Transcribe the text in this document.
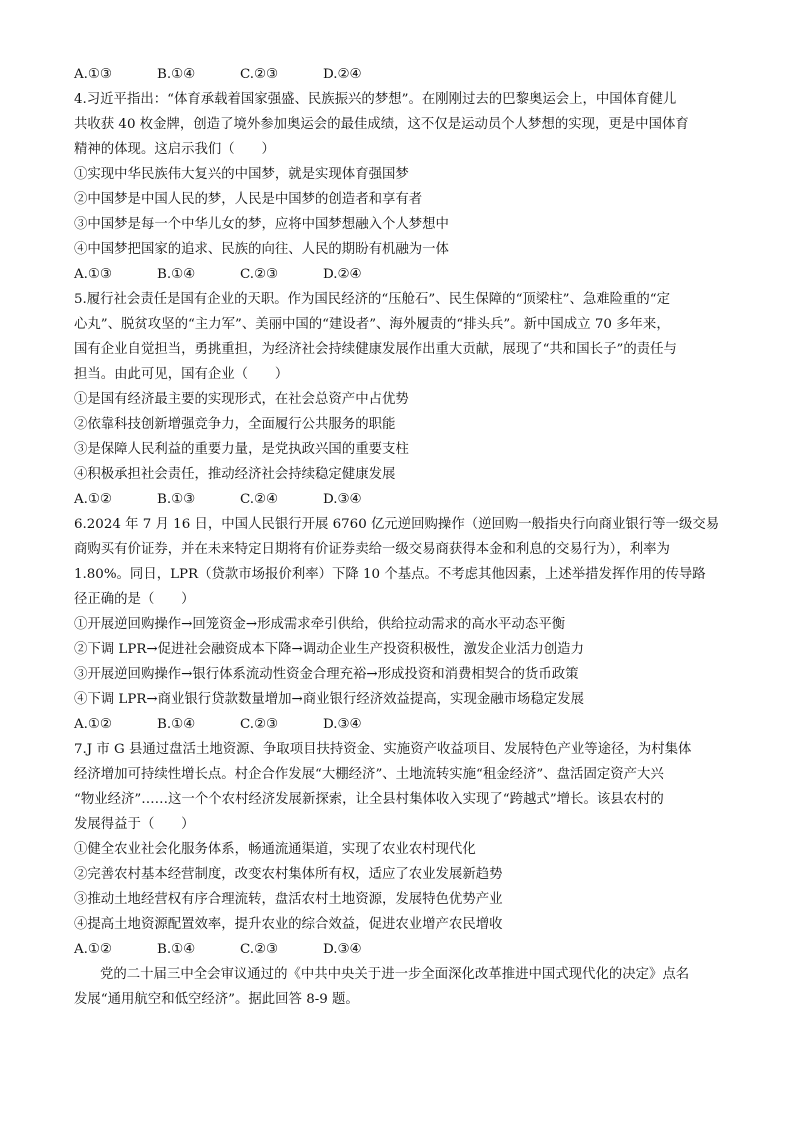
A.①③	B.①④	C.②③	D.②④
4.习近平指出：“体育承载着国家强盛、民族振兴的梦想”。在刚刚过去的巴黎奥运会上，中国体育健儿
共收获 40 枚金牌，创造了境外参加奥运会的最佳成绩，这不仅是运动员个人梦想的实现，更是中国体育
精神的体现。这启示我们（　　）
①实现中华民族伟大复兴的中国梦，就是实现体育强国梦
②中国梦是中国人民的梦，人民是中国梦的创造者和享有者
③中国梦是每一个中华儿女的梦，应将中国梦想融入个人梦想中
④中国梦把国家的追求、民族的向往、人民的期盼有机融为一体
A.①③	B.①④	C.②③	D.②④
5.履行社会责任是国有企业的天职。作为国民经济的“压舱石”、民生保障的“顶梁柱”、急难险重的“定
心丸”、脱贫攻坚的“主力军”、美丽中国的“建设者”、海外履责的“排头兵”。新中国成立 70 多年来，
国有企业自觉担当，勇挑重担，为经济社会持续健康发展作出重大贡献，展现了“共和国长子”的责任与
担当。由此可见，国有企业（　　）
①是国有经济最主要的实现形式，在社会总资产中占优势
②依靠科技创新增强竞争力，全面履行公共服务的职能
③是保障人民利益的重要力量，是党执政兴国的重要支柱
④积极承担社会责任，推动经济社会持续稳定健康发展
A.①②	B.①③	C.②④	D.③④
6.2024 年 7 月 16 日，中国人民银行开展 6760 亿元逆回购操作（逆回购一般指央行向商业银行等一级交易
商购买有价证券，并在未来特定日期将有价证券卖给一级交易商获得本金和利息的交易行为），利率为
1.80%。同日，LPR（贷款市场报价利率）下降 10 个基点。不考虑其他因素，上述举措发挥作用的传导路
径正确的是（　　）
①开展逆回购操作→回笼资金→形成需求牵引供给，供给拉动需求的高水平动态平衡
②下调 LPR→促进社会融资成本下降→调动企业生产投资积极性，激发企业活力创造力
③开展逆回购操作→银行体系流动性资金合理充裕→形成投资和消费相契合的货币政策
④下调 LPR→商业银行贷款数量增加→商业银行经济效益提高，实现金融市场稳定发展
A.①②	B.①④	C.②③	D.③④
7.J 市 G 县通过盘活土地资源、争取项目扶持资金、实施资产收益项目、发展特色产业等途径，为村集体
经济增加可持续性增长点。村企合作发展“大棚经济”、土地流转实施“租金经济”、盘活固定资产大兴
“物业经济”……这一个个农村经济发展新探索，让全县村集体收入实现了“跨越式”增长。该县农村的
发展得益于（　　）
①健全农业社会化服务体系，畅通流通渠道，实现了农业农村现代化
②完善农村基本经营制度，改变农村集体所有权，适应了农业发展新趋势
③推动土地经营权有序合理流转，盘活农村土地资源，发展特色优势产业
④提高土地资源配置效率，提升农业的综合效益，促进农业增产农民增收
A.①②	B.①④	C.②③	D.③④
党的二十届三中全会审议通过的《中共中央关于进一步全面深化改革推进中国式现代化的决定》点名
发展“通用航空和低空经济”。据此回答 8-9 题。
